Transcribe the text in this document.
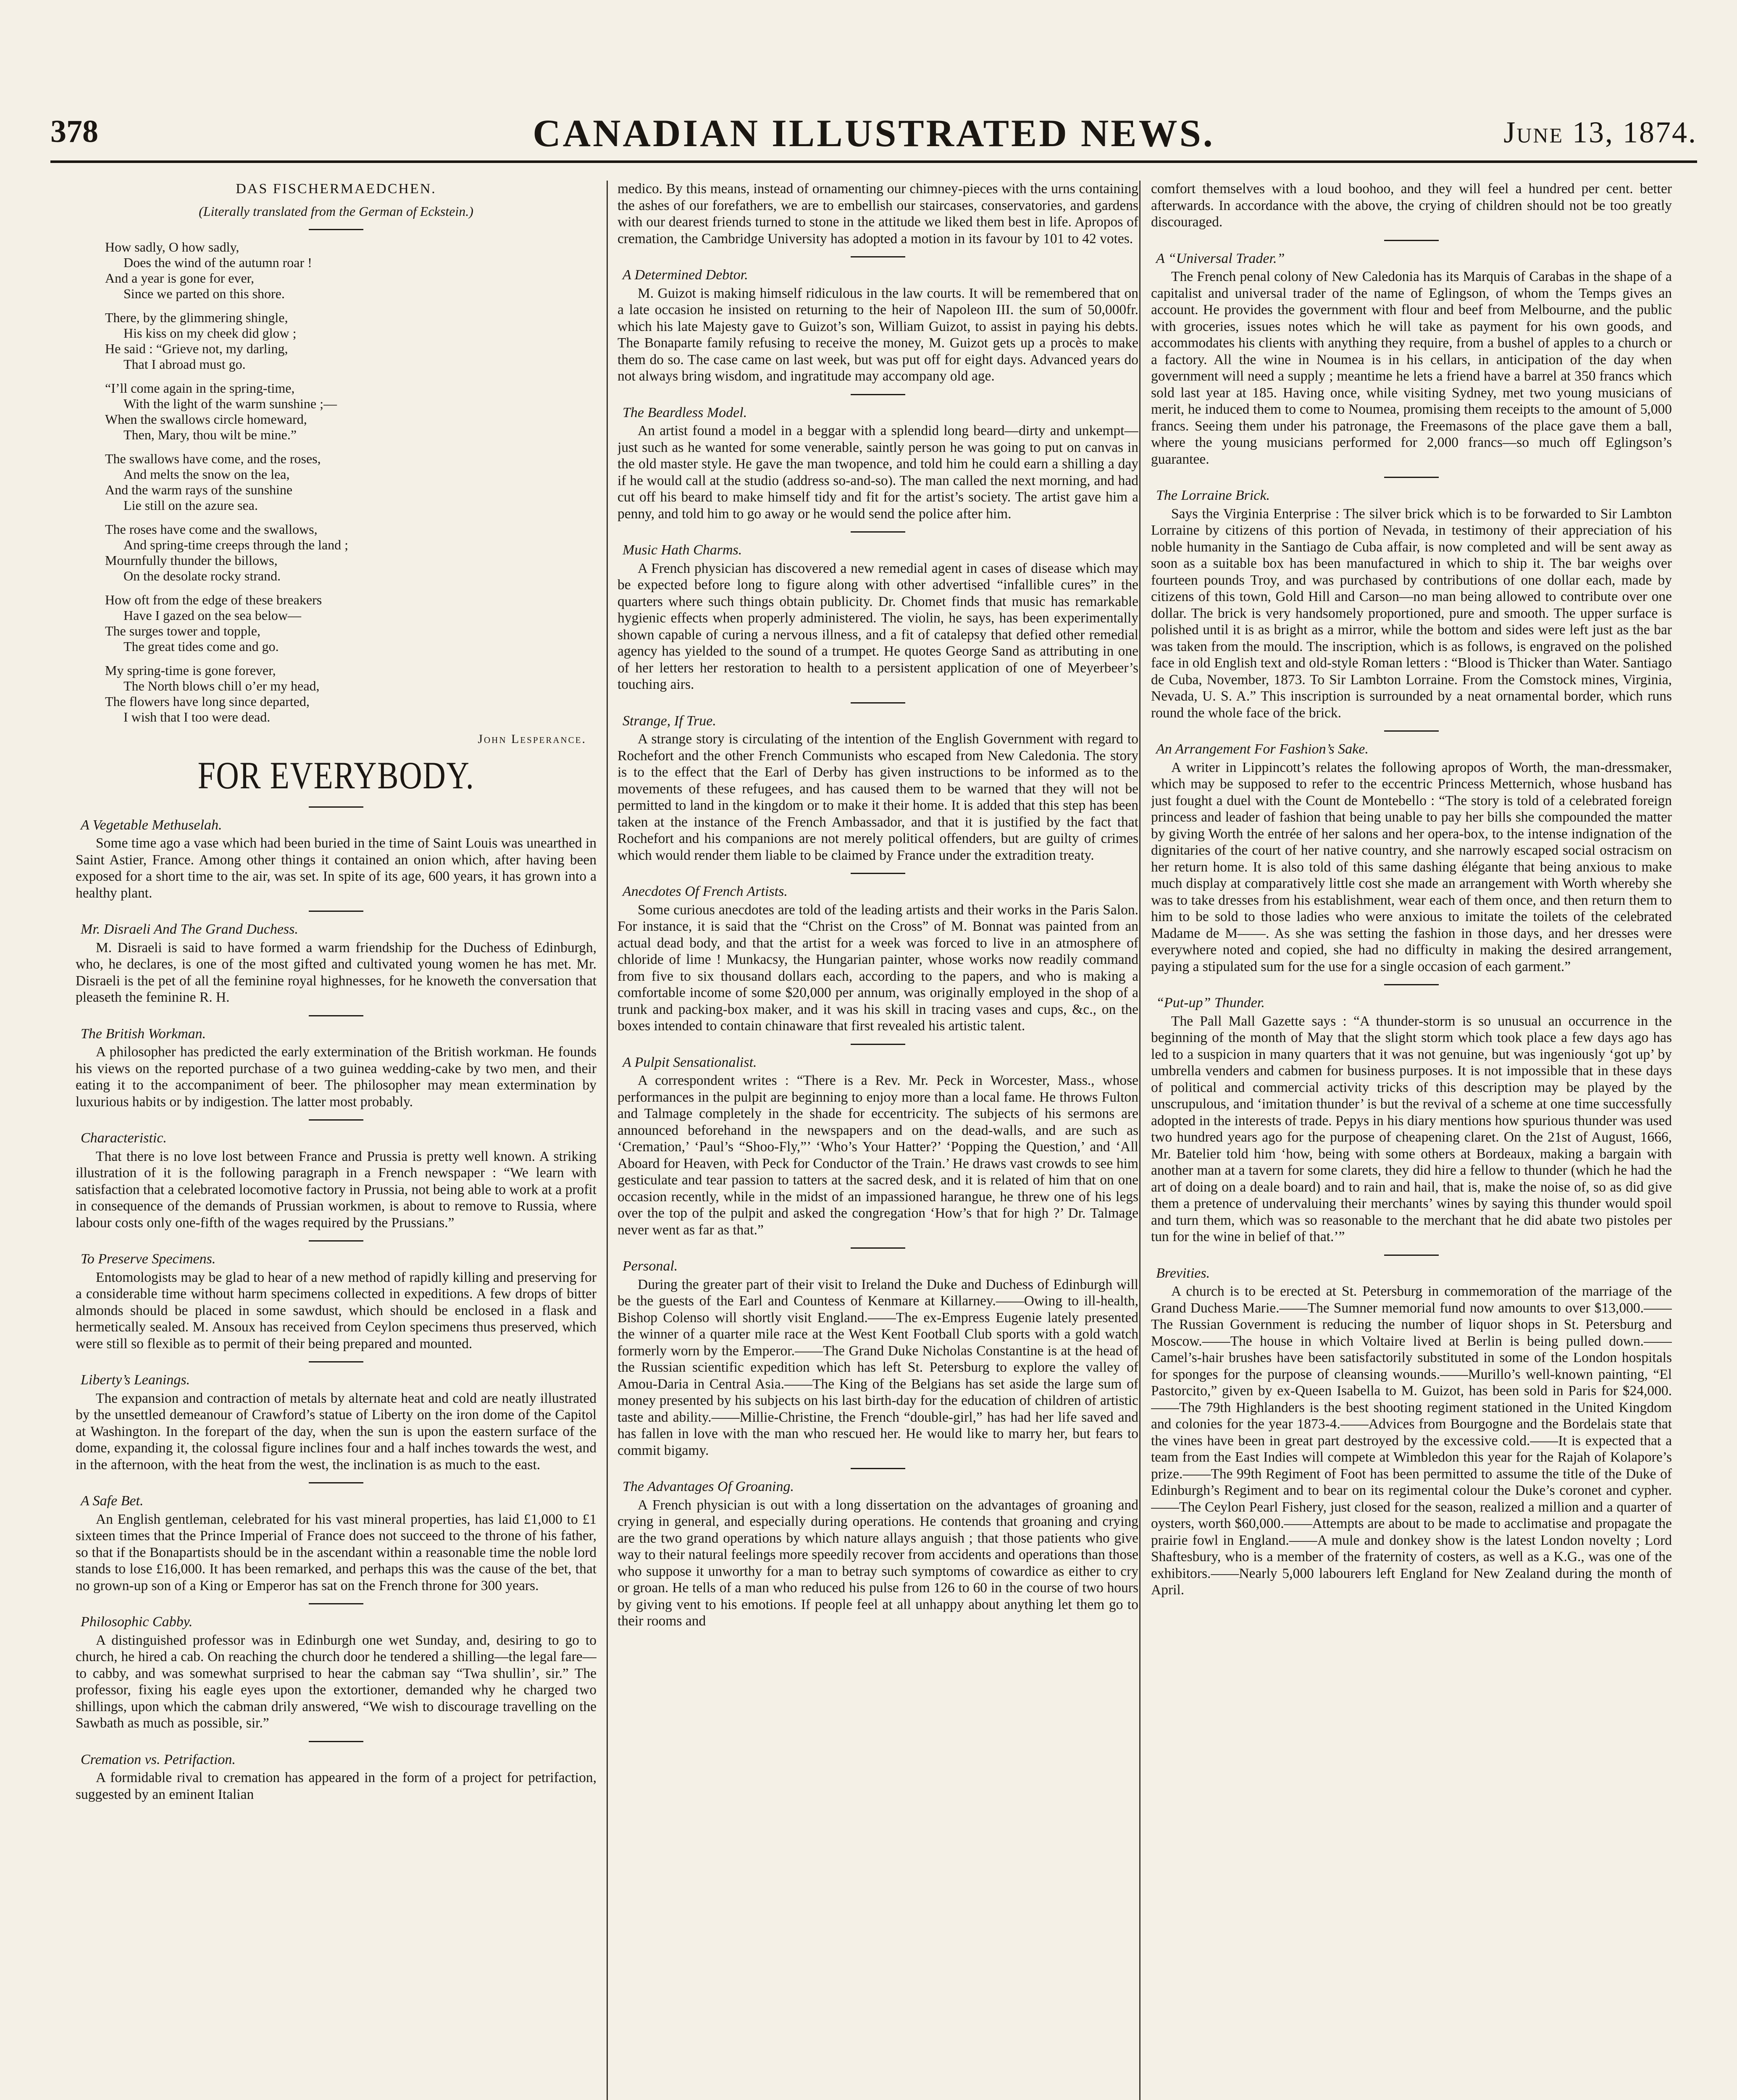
378	CANADIAN ILLUSTRATED NEWS.	June 13, 1874.
DAS FISCHERMAEDCHEN.
(Literally translated from the German of Eckstein.)
How sadly, O how sadly,
Does the wind of the autumn roar !
And a year is gone for ever,
Since we parted on this shore.
There, by the glimmering shingle,
His kiss on my cheek did glow ;
He said : “Grieve not, my darling,
That I abroad must go.
“I’ll come again in the spring-time,
With the light of the warm sunshine ;—
When the swallows circle homeward,
Then, Mary, thou wilt be mine.”
The swallows have come, and the roses,
And melts the snow on the lea,
And the warm rays of the sunshine
Lie still on the azure sea.
The roses have come and the swallows,
And spring-time creeps through the land ;
Mournfully thunder the billows,
On the desolate rocky strand.
How oft from the edge of these breakers
Have I gazed on the sea below—
The surges tower and topple,
The great tides come and go.
My spring-time is gone forever,
The North blows chill o’er my head,
The flowers have long since departed,
I wish that I too were dead.
John Lesperance.
FOR EVERYBODY.
A Vegetable Methuselah.

Some time ago a vase which had been buried in the time of Saint Louis was unearthed in Saint Astier, France. Among other things it contained an onion which, after having been exposed for a short time to the air, was set. In spite of its age, 600 years, it has grown into a healthy plant.

Mr. Disraeli And The Grand Duchess.

M. Disraeli is said to have formed a warm friendship for the Duchess of Edinburgh, who, he declares, is one of the most gifted and cultivated young women he has met. Mr. Disraeli is the pet of all the feminine royal highnesses, for he knoweth the conversation that pleaseth the feminine R. H.

The British Workman.

A philosopher has predicted the early extermination of the British workman. He founds his views on the reported purchase of a two guinea wedding-cake by two men, and their eating it to the accompaniment of beer. The philosopher may mean extermination by luxurious habits or by indigestion. The latter most probably.

Characteristic.

That there is no love lost between France and Prussia is pretty well known. A striking illustration of it is the following paragraph in a French newspaper : “We learn with satisfaction that a celebrated locomotive factory in Prussia, not being able to work at a profit in consequence of the demands of Prussian workmen, is about to remove to Russia, where labour costs only one-fifth of the wages required by the Prussians.”

To Preserve Specimens.

Entomologists may be glad to hear of a new method of rapidly killing and preserving for a considerable time without harm specimens collected in expeditions. A few drops of bitter almonds should be placed in some sawdust, which should be enclosed in a flask and hermetically sealed. M. Ansoux has received from Ceylon specimens thus preserved, which were still so flexible as to permit of their being prepared and mounted.

Liberty’s Leanings.

The expansion and contraction of metals by alternate heat and cold are neatly illustrated by the unsettled demeanour of Crawford’s statue of Liberty on the iron dome of the Capitol at Washington. In the forepart of the day, when the sun is upon the eastern surface of the dome, expanding it, the colossal figure inclines four and a half inches towards the west, and in the afternoon, with the heat from the west, the inclination is as much to the east.

A Safe Bet.

An English gentleman, celebrated for his vast mineral properties, has laid £1,000 to £1 sixteen times that the Prince Imperial of France does not succeed to the throne of his father, so that if the Bonapartists should be in the ascendant within a reasonable time the noble lord stands to lose £16,000. It has been remarked, and perhaps this was the cause of the bet, that no grown-up son of a King or Emperor has sat on the French throne for 300 years.

Philosophic Cabby.

A distinguished professor was in Edinburgh one wet Sunday, and, desiring to go to church, he hired a cab. On reaching the church door he tendered a shilling—the legal fare—to cabby, and was somewhat surprised to hear the cabman say “Twa shullin’, sir.” The professor, fixing his eagle eyes upon the extortioner, demanded why he charged two shillings, upon which the cabman drily answered, “We wish to discourage travelling on the Sawbath as much as possible, sir.”

Cremation vs. Petrifaction.

A formidable rival to cremation has appeared in the form of a project for petrifaction, suggested by an eminent Italian

medico. By this means, instead of ornamenting our chimney-pieces with the urns containing the ashes of our forefathers, we are to embellish our staircases, conservatories, and gardens with our dearest friends turned to stone in the attitude we liked them best in life. Apropos of cremation, the Cambridge University has adopted a motion in its favour by 101 to 42 votes.

A Determined Debtor.

M. Guizot is making himself ridiculous in the law courts. It will be remembered that on a late occasion he insisted on returning to the heir of Napoleon III. the sum of 50,000fr. which his late Majesty gave to Guizot’s son, William Guizot, to assist in paying his debts. The Bonaparte family refusing to receive the money, M. Guizot gets up a procès to make them do so. The case came on last week, but was put off for eight days. Advanced years do not always bring wisdom, and ingratitude may accompany old age.

The Beardless Model.

An artist found a model in a beggar with a splendid long beard—dirty and unkempt—just such as he wanted for some venerable, saintly person he was going to put on canvas in the old master style. He gave the man twopence, and told him he could earn a shilling a day if he would call at the studio (address so-and-so). The man called the next morning, and had cut off his beard to make himself tidy and fit for the artist’s society. The artist gave him a penny, and told him to go away or he would send the police after him.

Music Hath Charms.

A French physician has discovered a new remedial agent in cases of disease which may be expected before long to figure along with other advertised “infallible cures” in the quarters where such things obtain publicity. Dr. Chomet finds that music has remarkable hygienic effects when properly administered. The violin, he says, has been experimentally shown capable of curing a nervous illness, and a fit of catalepsy that defied other remedial agency has yielded to the sound of a trumpet. He quotes George Sand as attributing in one of her letters her restoration to health to a persistent application of one of Meyerbeer’s touching airs.

Strange, If True.

A strange story is circulating of the intention of the English Government with regard to Rochefort and the other French Communists who escaped from New Caledonia. The story is to the effect that the Earl of Derby has given instructions to be informed as to the movements of these refugees, and has caused them to be warned that they will not be permitted to land in the kingdom or to make it their home. It is added that this step has been taken at the instance of the French Ambassador, and that it is justified by the fact that Rochefort and his companions are not merely political offenders, but are guilty of crimes which would render them liable to be claimed by France under the extradition treaty.

Anecdotes Of French Artists.

Some curious anecdotes are told of the leading artists and their works in the Paris Salon. For instance, it is said that the “Christ on the Cross” of M. Bonnat was painted from an actual dead body, and that the artist for a week was forced to live in an atmosphere of chloride of lime ! Munkacsy, the Hungarian painter, whose works now readily command from five to six thousand dollars each, according to the papers, and who is making a comfortable income of some $20,000 per annum, was originally employed in the shop of a trunk and packing-box maker, and it was his skill in tracing vases and cups, &c., on the boxes intended to contain chinaware that first revealed his artistic talent.

A Pulpit Sensationalist.

A correspondent writes : “There is a Rev. Mr. Peck in Worcester, Mass., whose performances in the pulpit are beginning to enjoy more than a local fame. He throws Fulton and Talmage completely in the shade for eccentricity. The subjects of his sermons are announced beforehand in the newspapers and on the dead-walls, and are such as ‘Cremation,’ ‘Paul’s “Shoo-Fly,”’ ‘Who’s Your Hatter?’ ‘Popping the Question,’ and ‘All Aboard for Heaven, with Peck for Conductor of the Train.’ He draws vast crowds to see him gesticulate and tear passion to tatters at the sacred desk, and it is related of him that on one occasion recently, while in the midst of an impassioned harangue, he threw one of his legs over the top of the pulpit and asked the congregation ‘How’s that for high ?’ Dr. Talmage never went as far as that.”

Personal.

During the greater part of their visit to Ireland the Duke and Duchess of Edinburgh will be the guests of the Earl and Countess of Kenmare at Killarney.——Owing to ill-health, Bishop Colenso will shortly visit England.——The ex-Empress Eugenie lately presented the winner of a quarter mile race at the West Kent Football Club sports with a gold watch formerly worn by the Emperor.——The Grand Duke Nicholas Constantine is at the head of the Russian scientific expedition which has left St. Petersburg to explore the valley of Amou-Daria in Central Asia.——The King of the Belgians has set aside the large sum of money presented by his subjects on his last birth-day for the education of children of artistic taste and ability.——Millie-Christine, the French “double-girl,” has had her life saved and has fallen in love with the man who rescued her. He would like to marry her, but fears to commit bigamy.

The Advantages Of Groaning.

A French physician is out with a long dissertation on the advantages of groaning and crying in general, and especially during operations. He contends that groaning and crying are the two grand operations by which nature allays anguish ; that those patients who give way to their natural feelings more speedily recover from accidents and operations than those who suppose it unworthy for a man to betray such symptoms of cowardice as either to cry or groan. He tells of a man who reduced his pulse from 126 to 60 in the course of two hours by giving vent to his emotions. If people feel at all unhappy about anything let them go to their rooms and

comfort themselves with a loud boohoo, and they will feel a hundred per cent. better afterwards. In accordance with the above, the crying of children should not be too greatly discouraged.

A “Universal Trader.”

The French penal colony of New Caledonia has its Marquis of Carabas in the shape of a capitalist and universal trader of the name of Eglingson, of whom the Temps gives an account. He provides the government with flour and beef from Melbourne, and the public with groceries, issues notes which he will take as payment for his own goods, and accommodates his clients with anything they require, from a bushel of apples to a church or a factory. All the wine in Noumea is in his cellars, in anticipation of the day when government will need a supply ; meantime he lets a friend have a barrel at 350 francs which sold last year at 185. Having once, while visiting Sydney, met two young musicians of merit, he induced them to come to Noumea, promising them receipts to the amount of 5,000 francs. Seeing them under his patronage, the Freemasons of the place gave them a ball, where the young musicians performed for 2,000 francs—so much off Eglingson’s guarantee.

The Lorraine Brick.

Says the Virginia Enterprise : The silver brick which is to be forwarded to Sir Lambton Lorraine by citizens of this portion of Nevada, in testimony of their appreciation of his noble humanity in the Santiago de Cuba affair, is now completed and will be sent away as soon as a suitable box has been manufactured in which to ship it. The bar weighs over fourteen pounds Troy, and was purchased by contributions of one dollar each, made by citizens of this town, Gold Hill and Carson—no man being allowed to contribute over one dollar. The brick is very handsomely proportioned, pure and smooth. The upper surface is polished until it is as bright as a mirror, while the bottom and sides were left just as the bar was taken from the mould. The inscription, which is as follows, is engraved on the polished face in old English text and old-style Roman letters : “Blood is Thicker than Water. Santiago de Cuba, November, 1873. To Sir Lambton Lorraine. From the Comstock mines, Virginia, Nevada, U. S. A.” This inscription is surrounded by a neat ornamental border, which runs round the whole face of the brick.

An Arrangement For Fashion’s Sake.

A writer in Lippincott’s relates the following apropos of Worth, the man-dressmaker, which may be supposed to refer to the eccentric Princess Metternich, whose husband has just fought a duel with the Count de Montebello : “The story is told of a celebrated foreign princess and leader of fashion that being unable to pay her bills she compounded the matter by giving Worth the entrée of her salons and her opera-box, to the intense indignation of the dignitaries of the court of her native country, and she narrowly escaped social ostracism on her return home. It is also told of this same dashing élégante that being anxious to make much display at comparatively little cost she made an arrangement with Worth whereby she was to take dresses from his establishment, wear each of them once, and then return them to him to be sold to those ladies who were anxious to imitate the toilets of the celebrated Madame de M——. As she was setting the fashion in those days, and her dresses were everywhere noted and copied, she had no difficulty in making the desired arrangement, paying a stipulated sum for the use for a single occasion of each garment.”

“Put-up” Thunder.

The Pall Mall Gazette says : “A thunder-storm is so unusual an occurrence in the beginning of the month of May that the slight storm which took place a few days ago has led to a suspicion in many quarters that it was not genuine, but was ingeniously ‘got up’ by umbrella venders and cabmen for business purposes. It is not impossible that in these days of political and commercial activity tricks of this description may be played by the unscrupulous, and ‘imitation thunder’ is but the revival of a scheme at one time successfully adopted in the interests of trade. Pepys in his diary mentions how spurious thunder was used two hundred years ago for the purpose of cheapening claret. On the 21st of August, 1666, Mr. Batelier told him ‘how, being with some others at Bordeaux, making a bargain with another man at a tavern for some clarets, they did hire a fellow to thunder (which he had the art of doing on a deale board) and to rain and hail, that is, make the noise of, so as did give them a pretence of undervaluing their merchants’ wines by saying this thunder would spoil and turn them, which was so reasonable to the merchant that he did abate two pistoles per tun for the wine in belief of that.’”

Brevities.

A church is to be erected at St. Petersburg in commemoration of the marriage of the Grand Duchess Marie.——The Sumner memorial fund now amounts to over $13,000.——The Russian Government is reducing the number of liquor shops in St. Petersburg and Moscow.——The house in which Voltaire lived at Berlin is being pulled down.——Camel’s-hair brushes have been satisfactorily substituted in some of the London hospitals for sponges for the purpose of cleansing wounds.——Murillo’s well-known painting, “El Pastorcito,” given by ex-Queen Isabella to M. Guizot, has been sold in Paris for $24,000.——The 79th Highlanders is the best shooting regiment stationed in the United Kingdom and colonies for the year 1873-4.——Advices from Bourgogne and the Bordelais state that the vines have been in great part destroyed by the excessive cold.——It is expected that a team from the East Indies will compete at Wimbledon this year for the Rajah of Kolapore’s prize.——The 99th Regiment of Foot has been permitted to assume the title of the Duke of Edinburgh’s Regiment and to bear on its regimental colour the Duke’s coronet and cypher.——The Ceylon Pearl Fishery, just closed for the season, realized a million and a quarter of oysters, worth $60,000.——Attempts are about to be made to acclimatise and propagate the prairie fowl in England.——A mule and donkey show is the latest London novelty ; Lord Shaftesbury, who is a member of the fraternity of costers, as well as a K.G., was one of the exhibitors.——Nearly 5,000 labourers left England for New Zealand during the month of April.
